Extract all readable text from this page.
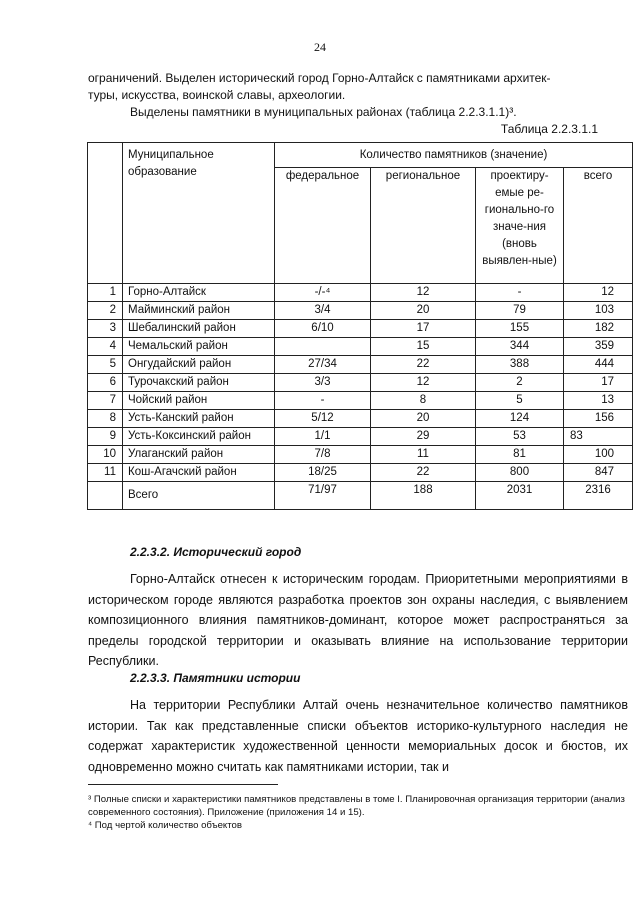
24
ограничений. Выделен исторический город Горно-Алтайск с памятниками архитек-
туры, искусства, воинской славы, археологии.
Выделены памятники в муниципальных районах (таблица 2.2.3.1.1)³.
Таблица 2.2.3.1.1
	Муниципальное образование	Количество памятников (значение)			
		федеральное	региональное	проектиру-емые ре-гионально-го значе-ния (вновь выявлен-ные)	всего
1	Горно-Алтайск	-/-⁴	12	-	12
2	Майминский район	3/4	20	79	103
3	Шебалинский район	6/10	17	155	182
4	Чемальский район		15	344	359
5	Онгудайский район	27/34	22	388	444
6	Турочакский район	3/3	12	2	17
7	Чойский район	-	8	5	13
8	Усть-Канский район	5/12	20	124	156
9	Усть-Коксинский район	1/1	29	53	83
10	Улаганский район	7/8	11	81	100
11	Кош-Агачский район	18/25	22	800	847
	Всего	71/97	188	2031	2316
2.2.3.2. Исторический город
Горно-Алтайск отнесен к историческим городам. Приоритетными мероприятиями в историческом городе являются разработка проектов зон охраны наследия, с выявлением композиционного влияния памятников-доминант, которое может распространяться за пределы городской территории и оказывать влияние на использование территории Республики.
2.2.3.3. Памятники истории
На территории Республики Алтай очень незначительное количество памятников истории. Так как представленные списки объектов историко-культурного наследия не содержат характеристик художественной ценности мемориальных досок и бюстов, их одновременно можно считать как памятниками истории, так и
³ Полные списки и характеристики памятников представлены в томе I. Планировочная организация территории (анализ современного состояния). Приложение (приложения 14 и 15).
⁴ Под чертой количество объектов
